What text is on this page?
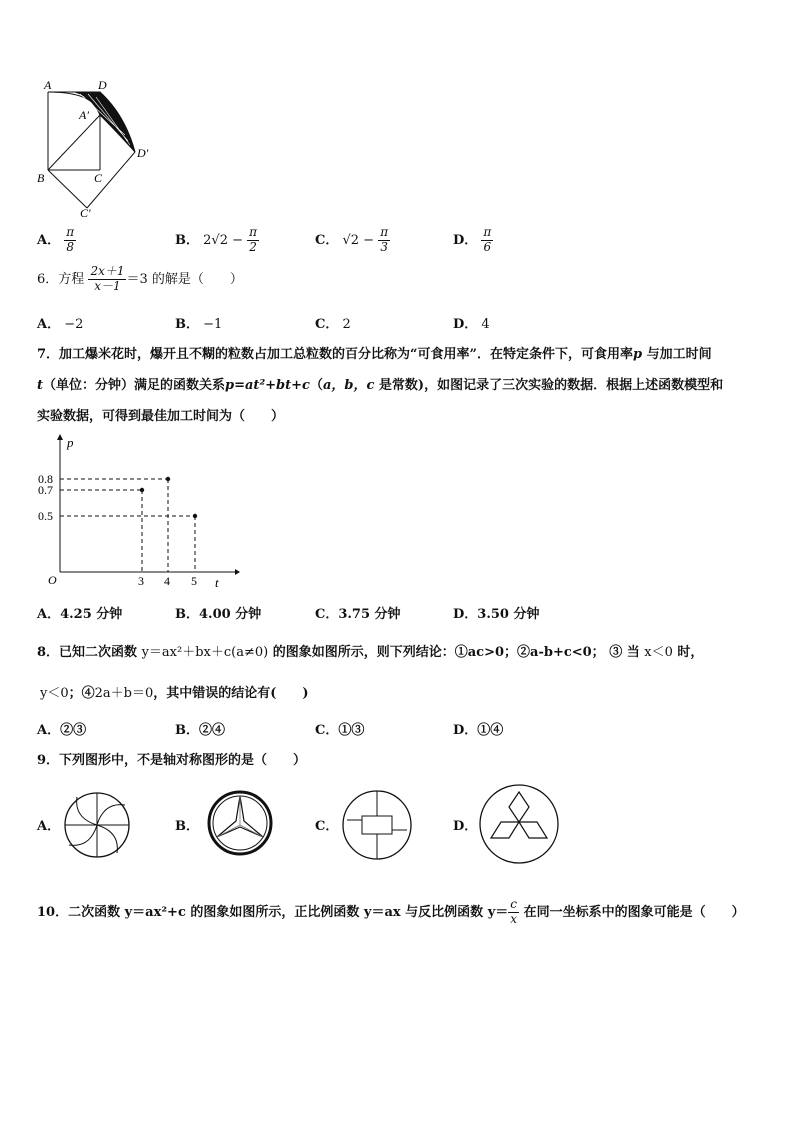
A	D
A′
D′
B	C
C′
A． $\frac{\pi}{8}$	B． $2√2 - \frac{\pi}{2}$	C． $√2 - \frac{\pi}{3}$	D． $\frac{\pi}{6}$
6．方程 $\frac{2x+1}{x-1} =3$ 的解是（　　）
A． −2	B． −1	C． 2	D． 4
7．加工爆米花时，爆开且不糊的粒数占加工总粒数的百分比称为“可食用率”．在特定条件下，可食用率p 与加工时间
t（单位：分钟）满足的函数关系p=at²+bt+c（a，b，c 是常数)，如图记录了三次实验的数据．根据上述函数模型和
实验数据，可得到最佳加工时间为（　　）
p
t
O
0.8
0.7
0.5
3 4 5
A．4.25 分钟	B．4.00 分钟	C．3.75 分钟	D．3.50 分钟
8．已知二次函数 y＝ax²＋bx＋c(a≠0) 的图象如图所示，则下列结论：①ac>0；②a-b+c<0； ③ 当 x＜0 时，
y＜0；④2a＋b＝0，其中错误的结论有(　　)
A．②③	B．②④	C．①③	D．①④
9．下列图形中，不是轴对称图形的是（　　）
A．	B．	C．	D．
10．二次函数 y＝ax²+c 的图象如图所示，正比例函数 y＝ax 与反比例函数 $y= \frac{c}{x}$ 在同一坐标系中的图象可能是（　　）
